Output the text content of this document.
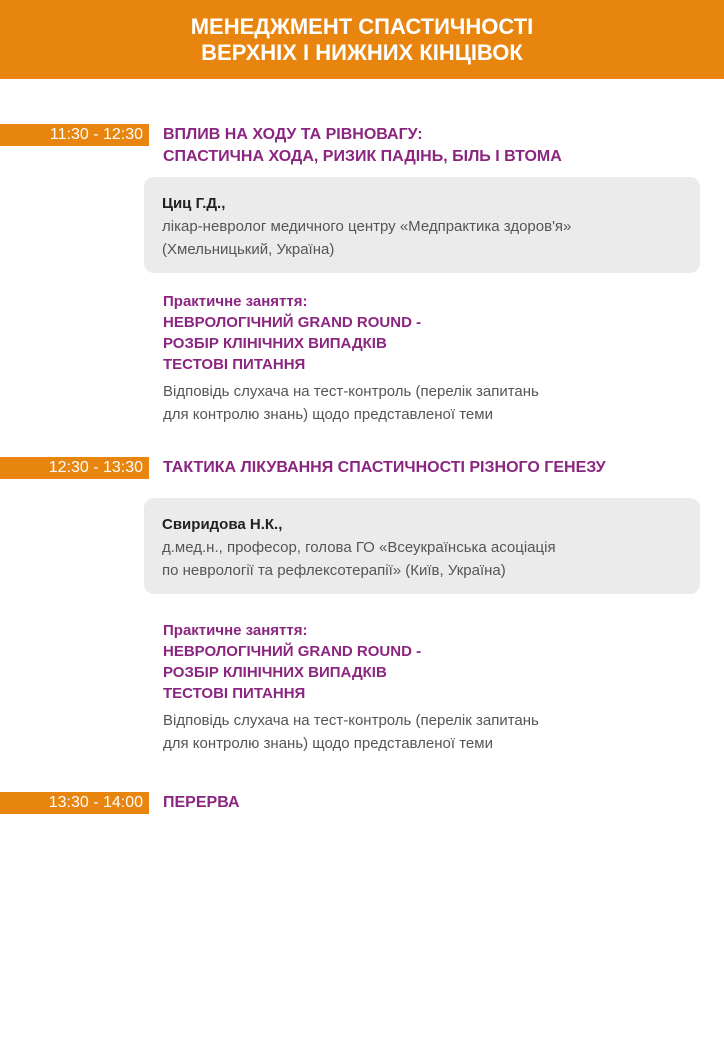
МЕНЕДЖМЕНТ СПАСТИЧНОСТІ
ВЕРХНІХ І НИЖНИХ КІНЦІВОК
11:30 - 12:30	ВПЛИВ НА ХОДУ ТА РІВНОВАГУ:
СПАСТИЧНА ХОДА, РИЗИК ПАДІНЬ, БІЛЬ І ВТОМА
Циц Г.Д.,
лікар-невролог медичного центру «Медпрактика здоров'я»
(Хмельницький, Україна)
Практичне заняття:
НЕВРОЛОГІЧНИЙ GRAND ROUND -
РОЗБІР КЛІНІЧНИХ ВИПАДКІВ
ТЕСТОВІ ПИТАННЯ
Відповідь слухача на тест-контроль (перелік запитань
для контролю знань) щодо представленої теми
12:30 - 13:30	ТАКТИКА ЛІКУВАННЯ СПАСТИЧНОСТІ РІЗНОГО ГЕНЕЗУ
Свиридова Н.К.,
д.мед.н., професор, голова ГО «Всеукраїнська асоціація
по неврології та рефлексотерапії» (Київ, Україна)
Практичне заняття:
НЕВРОЛОГІЧНИЙ GRAND ROUND -
РОЗБІР КЛІНІЧНИХ ВИПАДКІВ
ТЕСТОВІ ПИТАННЯ
Відповідь слухача на тест-контроль (перелік запитань
для контролю знань) щодо представленої теми
13:30 - 14:00	ПЕРЕРВА
